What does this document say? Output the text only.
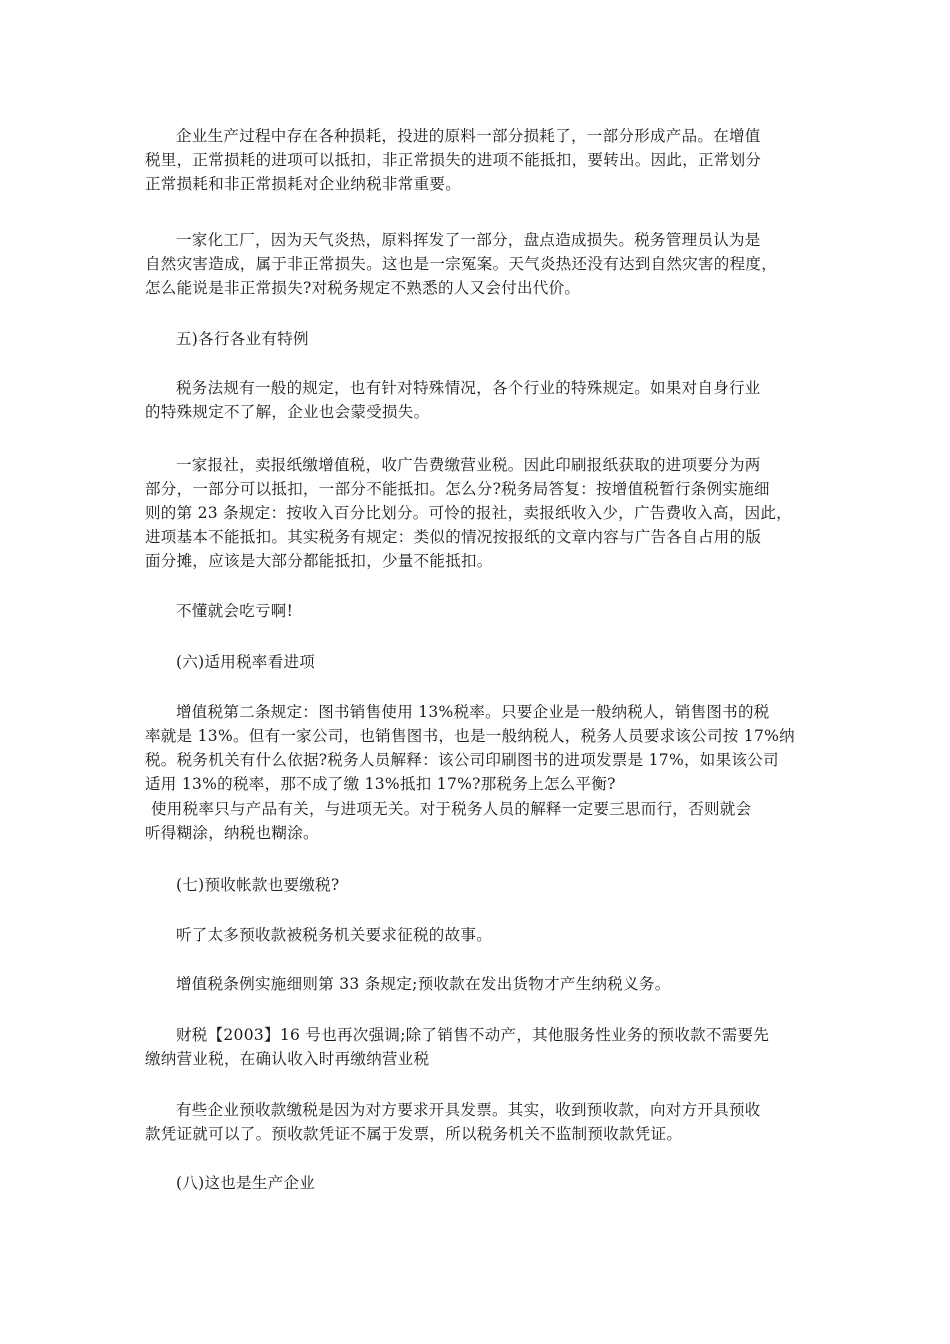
企业生产过程中存在各种损耗，投进的原料一部分损耗了，一部分形成产品。在增值
税里，正常损耗的进项可以抵扣，非正常损失的进项不能抵扣，要转出。因此，正常划分
正常损耗和非正常损耗对企业纳税非常重要。
一家化工厂，因为天气炎热，原料挥发了一部分，盘点造成损失。税务管理员认为是
自然灾害造成，属于非正常损失。这也是一宗冤案。天气炎热还没有达到自然灾害的程度，
怎么能说是非正常损失?对税务规定不熟悉的人又会付出代价。
五)各行各业有特例
税务法规有一般的规定，也有针对特殊情况，各个行业的特殊规定。如果对自身行业
的特殊规定不了解，企业也会蒙受损失。
一家报社，卖报纸缴增值税，收广告费缴营业税。因此印刷报纸获取的进项要分为两
部分，一部分可以抵扣，一部分不能抵扣。怎么分?税务局答复：按增值税暂行条例实施细
则的第 23 条规定：按收入百分比划分。可怜的报社，卖报纸收入少，广告费收入高，因此，
进项基本不能抵扣。其实税务有规定：类似的情况按报纸的文章内容与广告各自占用的版
面分摊，应该是大部分都能抵扣，少量不能抵扣。
不懂就会吃亏啊!
(六)适用税率看进项
增值税第二条规定：图书销售使用 13%税率。只要企业是一般纳税人，销售图书的税
率就是 13%。但有一家公司，也销售图书，也是一般纳税人，税务人员要求该公司按 17%纳
税。税务机关有什么依据?税务人员解释：该公司印刷图书的进项发票是 17%，如果该公司
适用 13%的税率，那不成了缴 13%抵扣 17%?那税务上怎么平衡?
使用税率只与产品有关，与进项无关。对于税务人员的解释一定要三思而行，否则就会
听得糊涂，纳税也糊涂。
(七)预收帐款也要缴税?
听了太多预收款被税务机关要求征税的故事。
增值税条例实施细则第 33 条规定;预收款在发出货物才产生纳税义务。
财税【2003】16 号也再次强调;除了销售不动产，其他服务性业务的预收款不需要先
缴纳营业税，在确认收入时再缴纳营业税
有些企业预收款缴税是因为对方要求开具发票。其实，收到预收款，向对方开具预收
款凭证就可以了。预收款凭证不属于发票，所以税务机关不监制预收款凭证。
(八)这也是生产企业
